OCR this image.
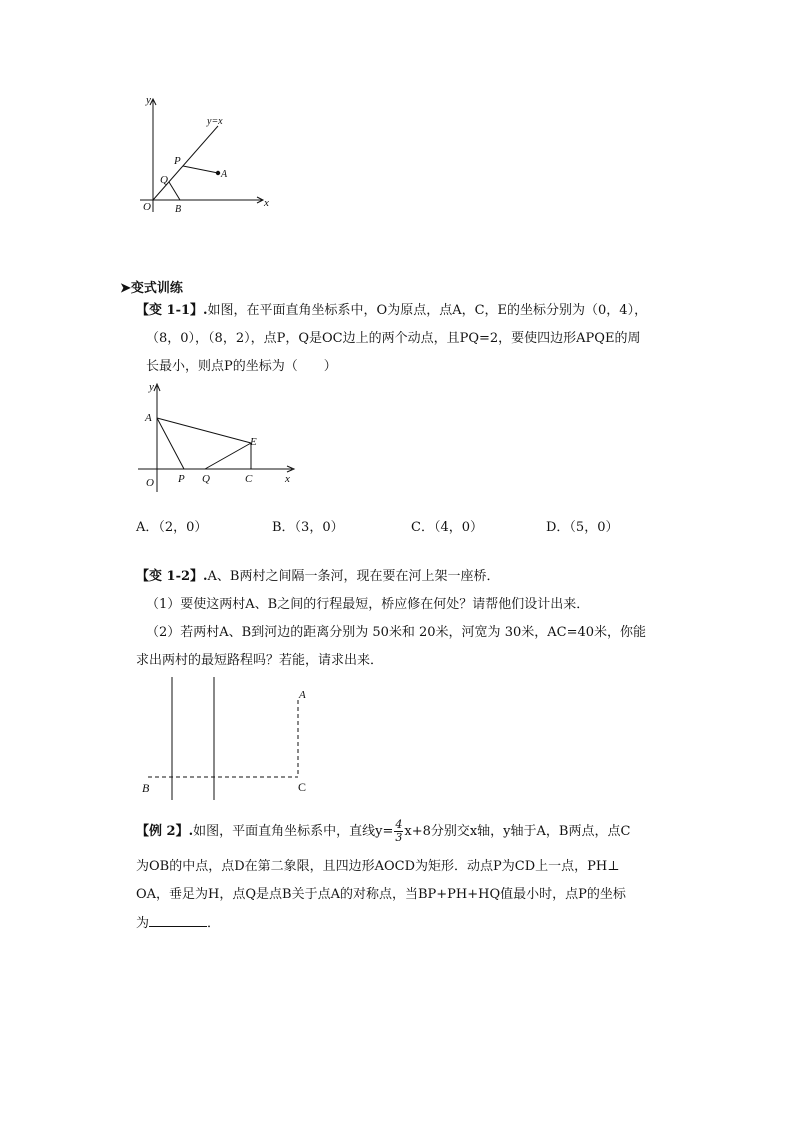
y
x
y=x
P
A
Q
O B
➤变式训练
【变 1-1】.如图，在平面直角坐标系中，O为原点，点A，C，E的坐标分别为（0，4），
（8，0），（8，2），点P，Q是OC边上的两个动点，且PQ=2，要使四边形APQE的周
长最小，则点P的坐标为（　　）
y
A
E
O P Q	C	x
A．（2，0）	B．（3，0）	C．（4，0）	D．（5，0）
【变 1-2】.A、B两村之间隔一条河，现在要在河上架一座桥．
（1）要使这两村A、B之间的行程最短，桥应修在何处？请帮他们设计出来．
（2）若两村A、B到河边的距离分别为 50米和 20米，河宽为 30米，AC=40米，你能
求出两村的最短路程吗？若能，请求出来．
A
B	C
【例 2】.如图，平面直角坐标系中，直线$y= \frac{4}{3} x+8$分别交x轴，y轴于A，B两点，点C
为OB的中点，点D在第二象限，且四边形AOCD为矩形．动点P为CD上一点，PH⊥
OA，垂足为H，点Q是点B关于点A的对称点，当BP+PH+HQ值最小时，点P的坐标
为	．
